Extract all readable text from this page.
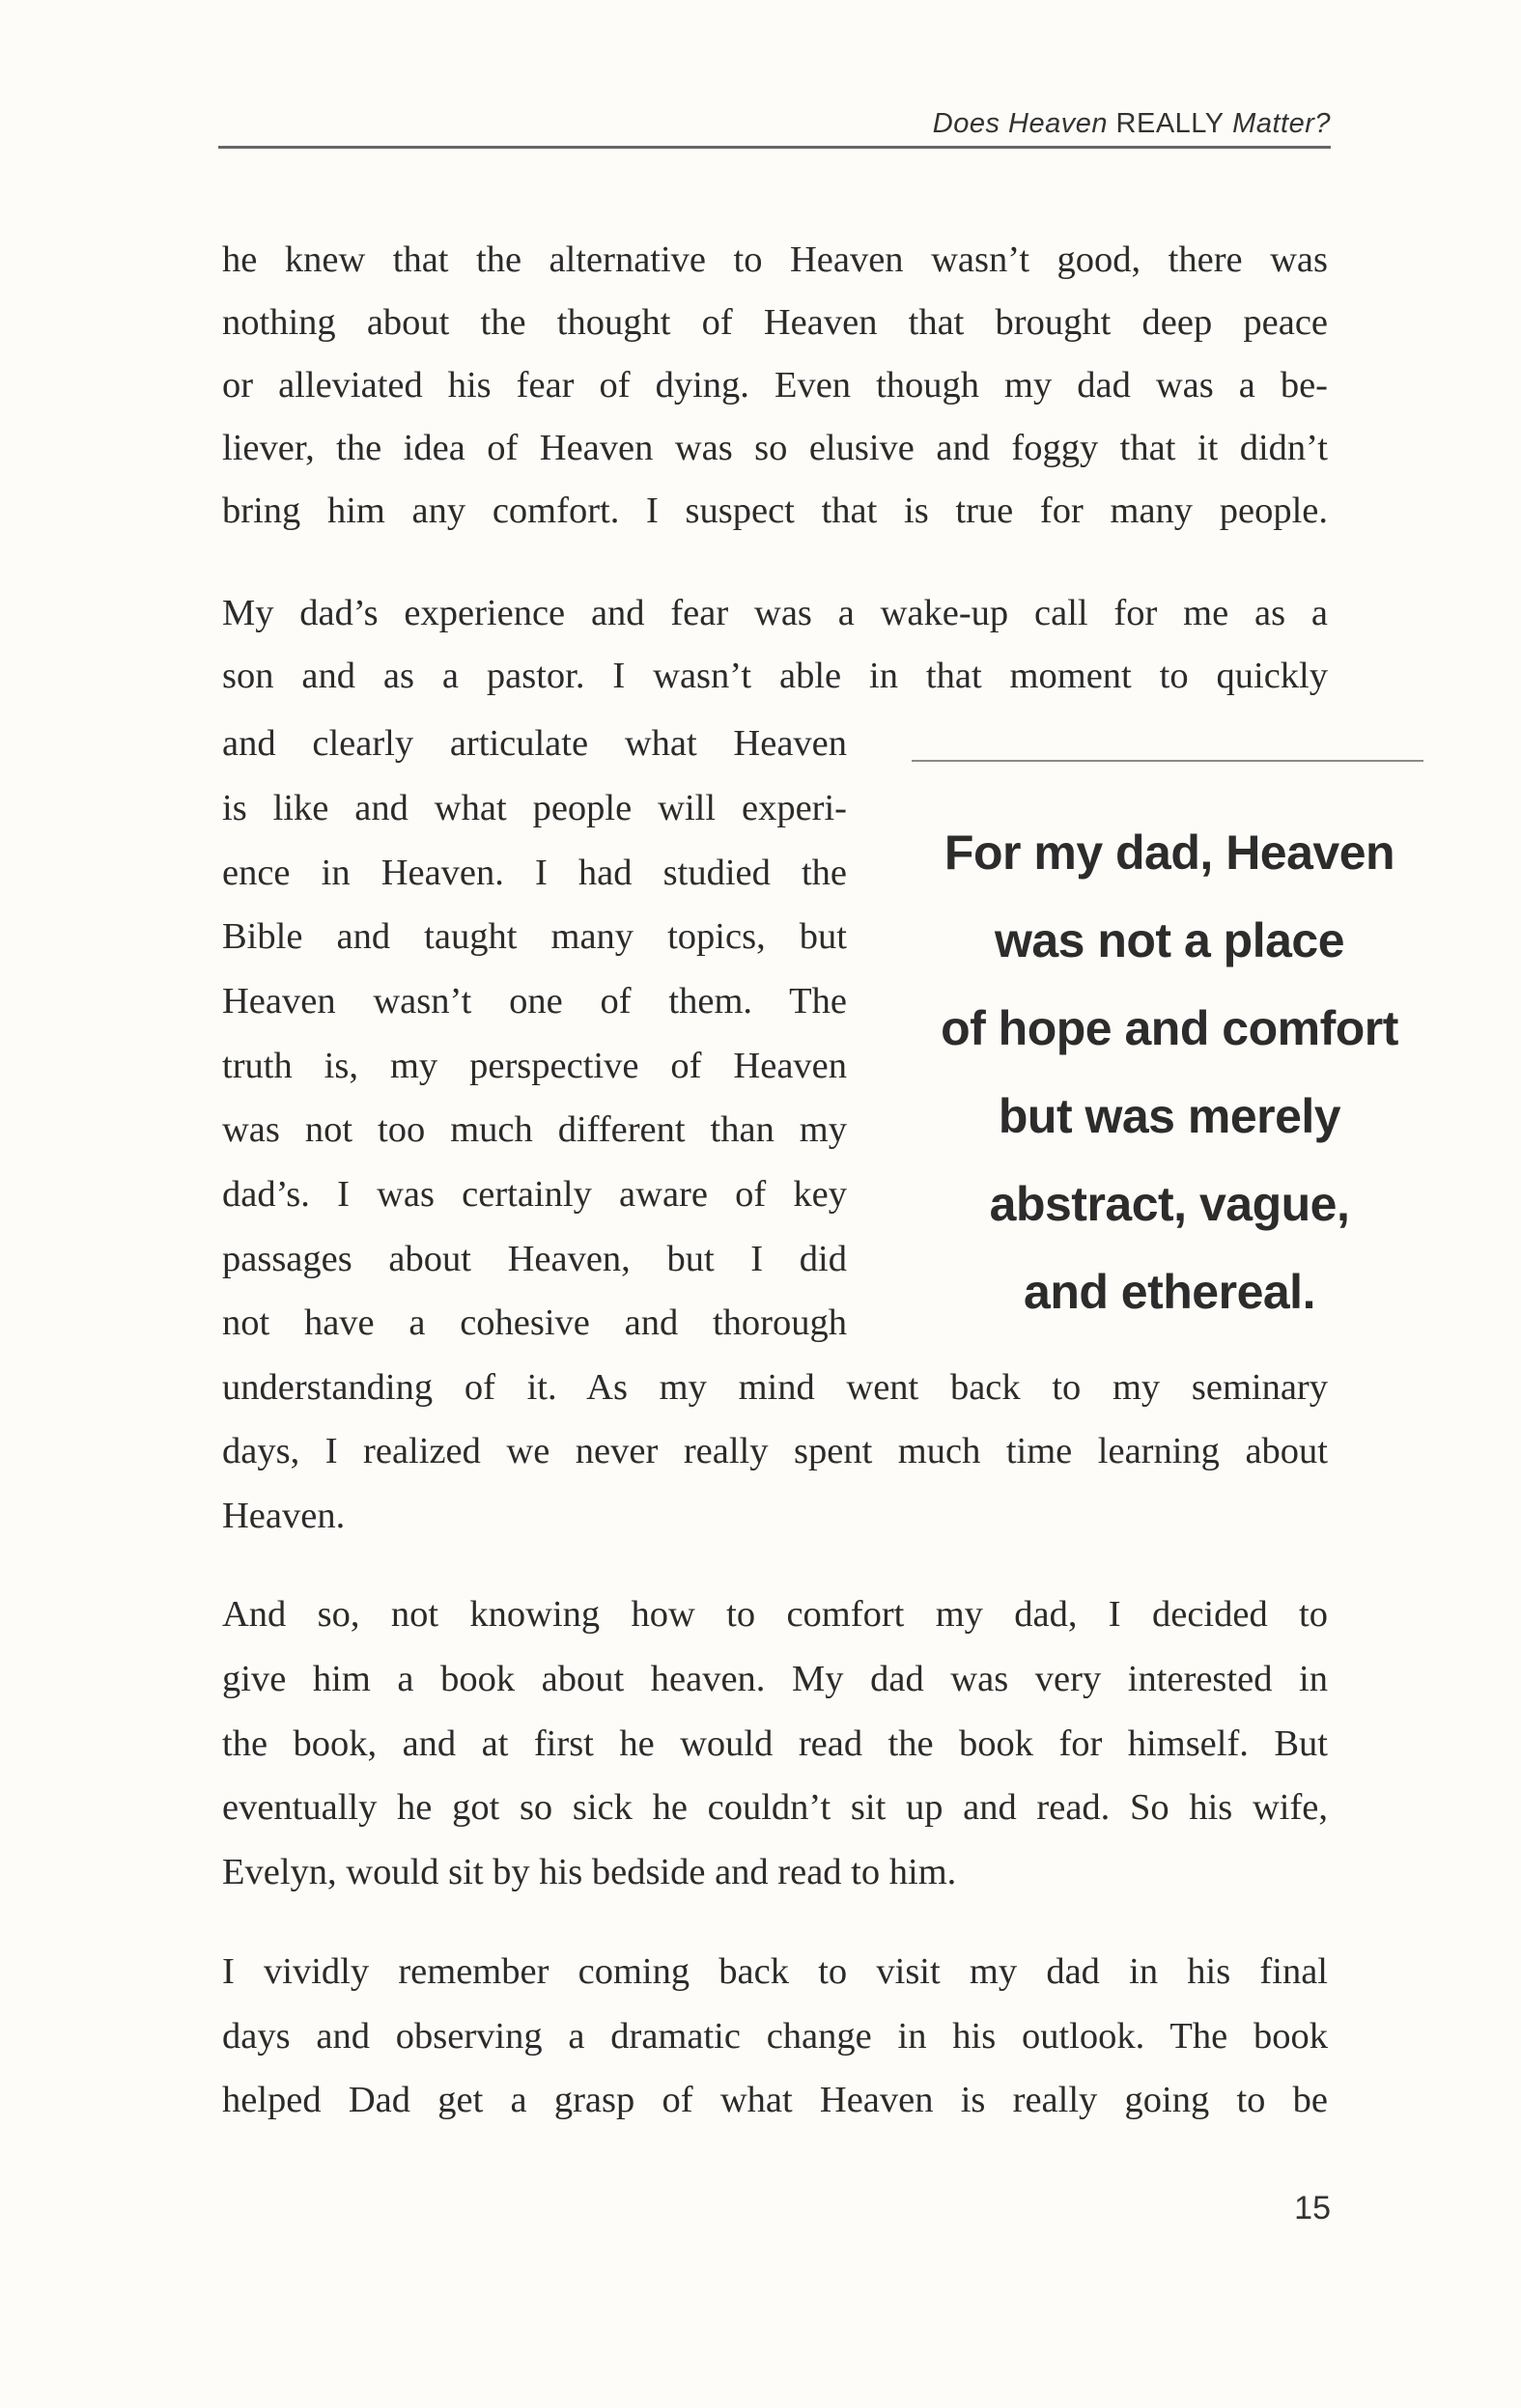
Does Heaven REALLY Matter?

he knew that the alternative to Heaven wasn’t good, there was

nothing about the thought of Heaven that brought deep peace

or alleviated his fear of dying. Even though my dad was a be-

liever, the idea of Heaven was so elusive and foggy that it didn’t

bring him any comfort. I suspect that is true for many people.

My dad’s experience and fear was a wake-up call for me as a

son and as a pastor. I wasn’t able in that moment to quickly

and clearly articulate what Heaven

is like and what people will experi-

ence in Heaven. I had studied the

Bible and taught many topics, but

Heaven wasn’t one of them. The

truth is, my perspective of Heaven

was not too much different than my

dad’s. I was certainly aware of key

passages about Heaven, but I did

not have a cohesive and thorough

understanding of it. As my mind went back to my seminary

days, I realized we never really spent much time learning about

Heaven.

And so, not knowing how to comfort my dad, I decided to

give him a book about heaven. My dad was very interested in

the book, and at first he would read the book for himself. But

eventually he got so sick he couldn’t sit up and read. So his wife,

Evelyn, would sit by his bedside and read to him.

I vividly remember coming back to visit my dad in his final

days and observing a dramatic change in his outlook. The book

helped Dad get a grasp of what Heaven is really going to be

For my dad, Heaven
was not a place
of hope and comfort
but was merely
abstract, vague,
and ethereal.
15
